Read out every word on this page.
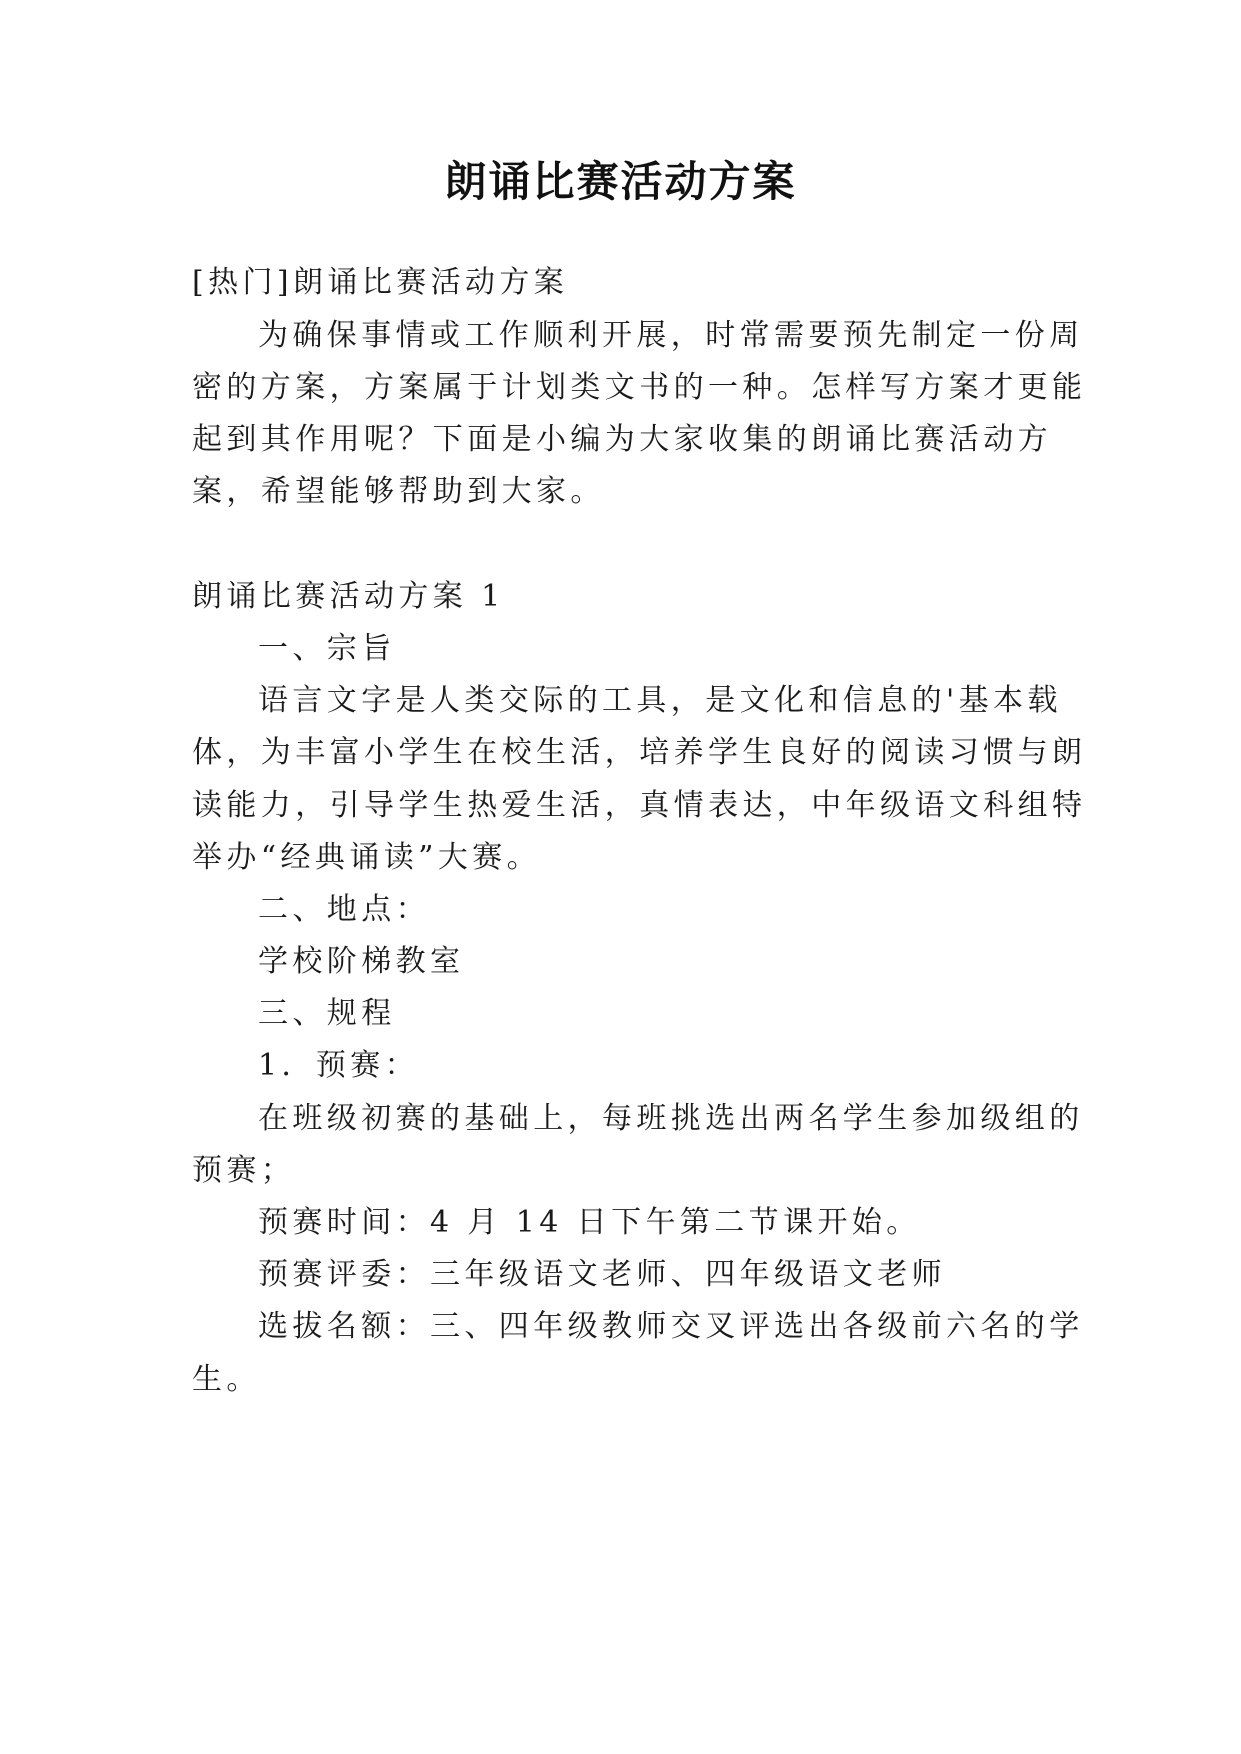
朗诵比赛活动方案
[热门]朗诵比赛活动方案
为确保事情或工作顺利开展，时常需要预先制定一份周
密的方案，方案属于计划类文书的一种。怎样写方案才更能
起到其作用呢？下面是小编为大家收集的朗诵比赛活动方
案，希望能够帮助到大家。
朗诵比赛活动方案 1
一、宗旨
语言文字是人类交际的工具，是文化和信息的'基本载
体，为丰富小学生在校生活，培养学生良好的阅读习惯与朗
读能力，引导学生热爱生活，真情表达，中年级语文科组特
举办“经典诵读”大赛。
二、地点：
学校阶梯教室
三、规程
1．预赛：
在班级初赛的基础上，每班挑选出两名学生参加级组的
预赛；
预赛时间：4 月 14 日下午第二节课开始。
预赛评委：三年级语文老师、四年级语文老师
选拔名额：三、四年级教师交叉评选出各级前六名的学
生。
